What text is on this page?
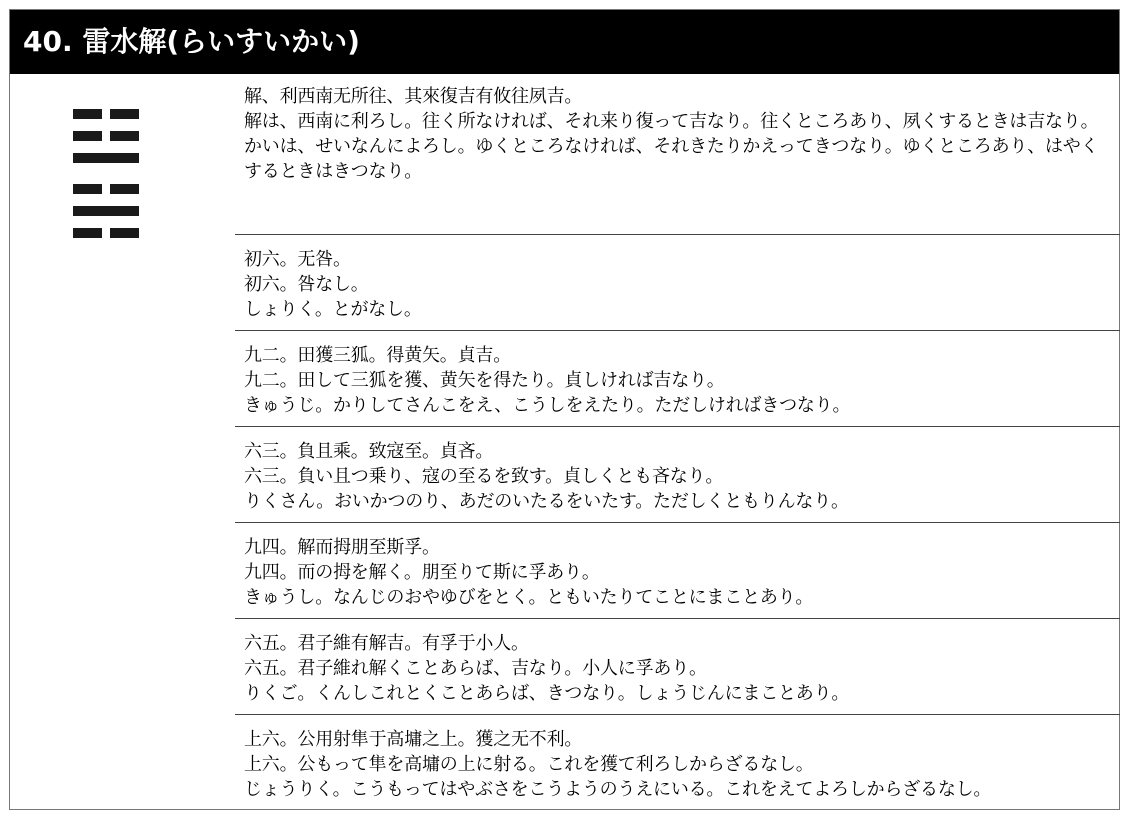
40. 雷水解(らいすいかい)
解、利西南无所往、其來復吉有攸往夙吉。
解は、西南に利ろし。往く所なければ、それ来り復って吉なり。往くところあり、夙くするときは吉なり。
かいは、せいなんによろし。ゆくところなければ、それきたりかえってきつなり。ゆくところあり、はやくするときはきつなり。
初六。无咎。
初六。咎なし。
しょりく。とがなし。
九二。田獲三狐。得黄矢。貞吉。
九二。田して三狐を獲、黄矢を得たり。貞しければ吉なり。
きゅうじ。かりしてさんこをえ、こうしをえたり。ただしければきつなり。
六三。負且乘。致寇至。貞吝。
六三。負い且つ乗り、寇の至るを致す。貞しくとも吝なり。
りくさん。おいかつのり、あだのいたるをいたす。ただしくともりんなり。
九四。解而拇朋至斯孚。
九四。而の拇を解く。朋至りて斯に孚あり。
きゅうし。なんじのおやゆびをとく。ともいたりてことにまことあり。
六五。君子維有解吉。有孚于小人。
六五。君子維れ解くことあらば、吉なり。小人に孚あり。
りくご。くんしこれとくことあらば、きつなり。しょうじんにまことあり。
上六。公用射隼于高墉之上。獲之无不利。
上六。公もって隼を高墉の上に射る。これを獲て利ろしからざるなし。
じょうりく。こうもってはやぶさをこうようのうえにいる。これをえてよろしからざるなし。
